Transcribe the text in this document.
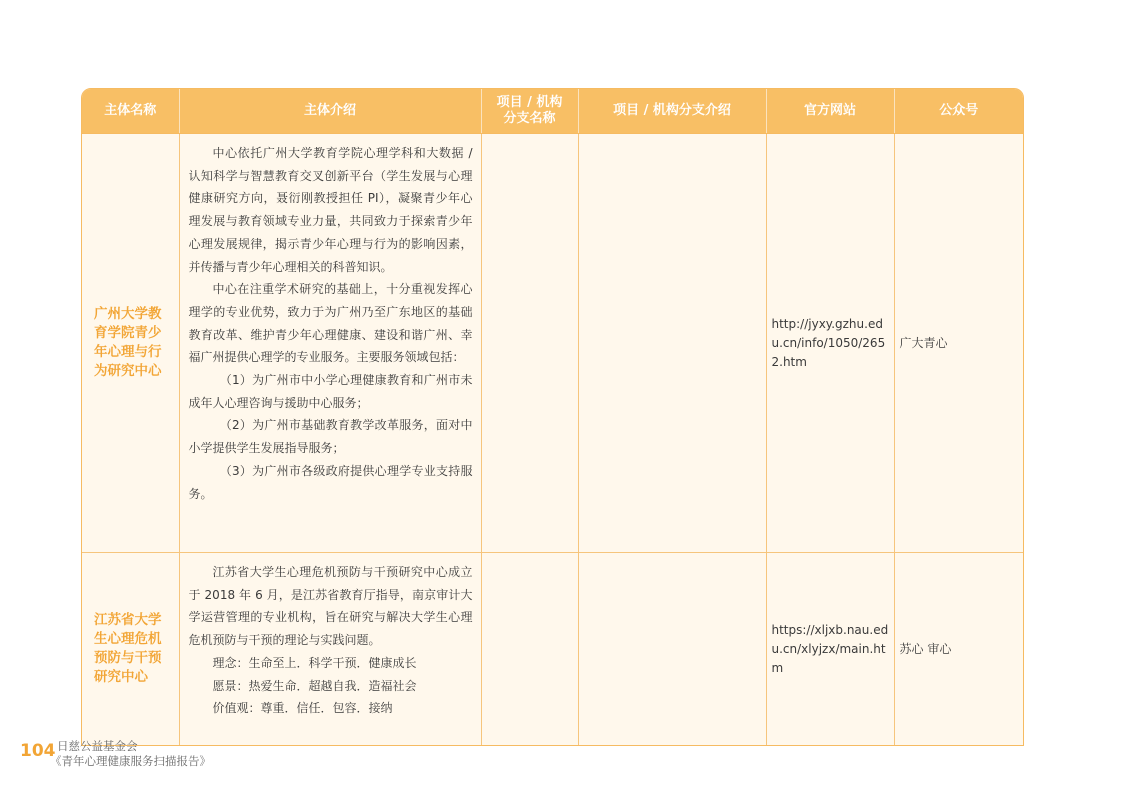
主体名称	主体介绍	项目 / 机构
分支名称	项目 / 机构分支介绍	官方网站	公众号
广州大学教育学院青少年心理与行为研究中心	中心依托广州大学教育学院心理学科和大数据 / 认知科学与智慧教育交叉创新平台（学生发展与心理健康研究方向，聂衍刚教授担任 PI），凝聚青少年心理发展与教育领域专业力量，共同致力于探索青少年心理发展规律，揭示青少年心理与行为的影响因素，并传播与青少年心理相关的科普知识。

中心在注重学术研究的基础上，十分重视发挥心理学的专业优势，致力于为广州乃至广东地区的基础教育改革、维护青少年心理健康、建设和谐广州、幸福广州提供心理学的专业服务。主要服务领域包括：

（1）为广州市中小学心理健康教育和广州市未成年人心理咨询与援助中心服务；

（2）为广州市基础教育教学改革服务，面对中小学提供学生发展指导服务；

（3）为广州市各级政府提供心理学专业支持服务。			http://jyxy.gzhu.edu.cn/info/1050/2652.htm	广大青心
江苏省大学生心理危机预防与干预研究中心	江苏省大学生心理危机预防与干预研究中心成立于 2018 年 6 月，是江苏省教育厅指导，南京审计大学运营管理的专业机构，旨在研究与解决大学生心理危机预防与干预的理论与实践问题。

理念：生命至上．科学干预．健康成长

愿景：热爱生命．超越自我．造福社会

价值观：尊重．信任．包容．接纳			https://xljxb.nau.edu.cn/xlyjzx/main.htm	苏心 审心
104 日慈公益基金会
《青年心理健康服务扫描报告》
